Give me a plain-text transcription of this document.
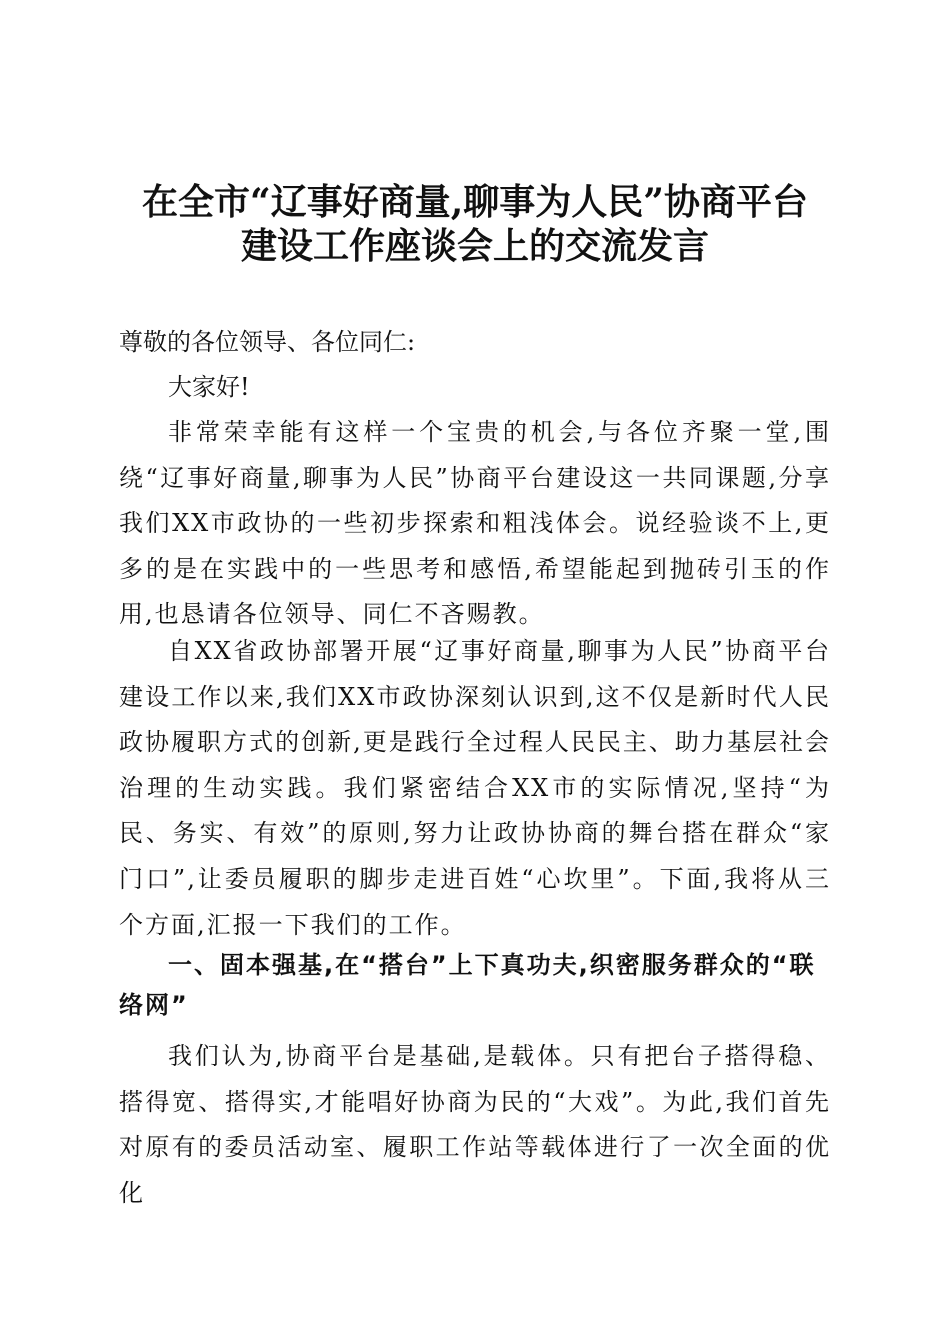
在全市“辽事好商量,聊事为人民”协商平台
建设工作座谈会上的交流发言

尊敬的各位领导、各位同仁:

大家好!

非常荣幸能有这样一个宝贵的机会,与各位齐聚一堂,围绕“辽事好商量,聊事为人民”协商平台建设这一共同课题,分享我们XX市政协的一些初步探索和粗浅体会。说经验谈不上,更多的是在实践中的一些思考和感悟,希望能起到抛砖引玉的作用,也恳请各位领导、同仁不吝赐教。

自XX省政协部署开展“辽事好商量,聊事为人民”协商平台建设工作以来,我们XX市政协深刻认识到,这不仅是新时代人民政协履职方式的创新,更是践行全过程人民民主、助力基层社会治理的生动实践。我们紧密结合XX市的实际情况,坚持“为民、务实、有效”的原则,努力让政协协商的舞台搭在群众“家门口”,让委员履职的脚步走进百姓“心坎里”。下面,我将从三个方面,汇报一下我们的工作。

一、固本强基,在“搭台”上下真功夫,织密服务群众的“联络网”

我们认为,协商平台是基础,是载体。只有把台子搭得稳、搭得宽、搭得实,才能唱好协商为民的“大戏”。为此,我们首先对原有的委员活动室、履职工作站等载体进行了一次全面的优化
